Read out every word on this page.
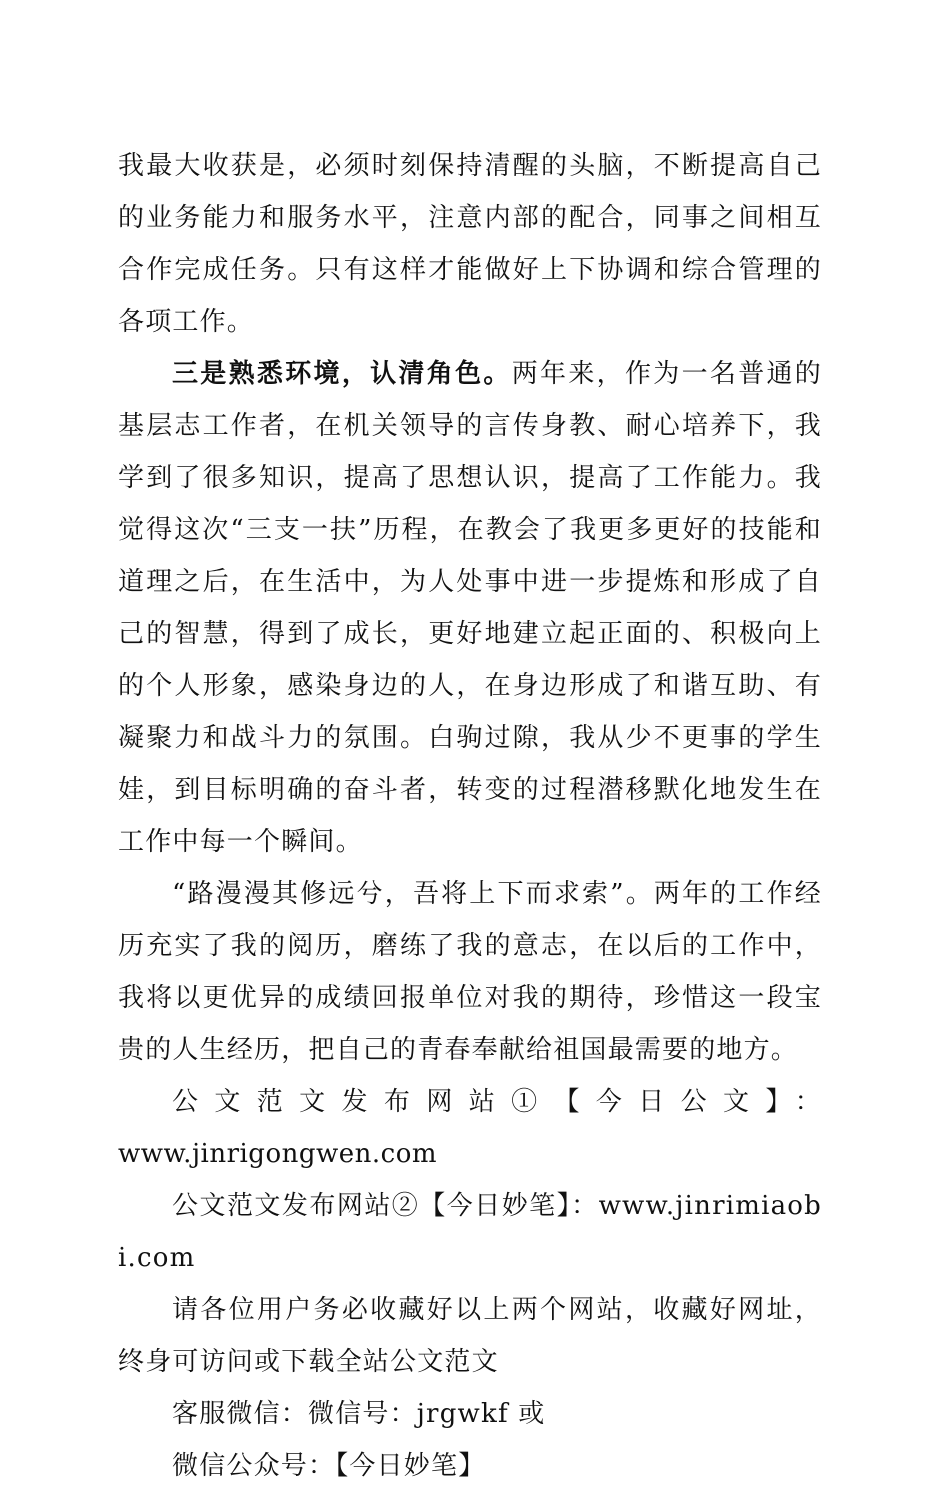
我最大收获是，必须时刻保持清醒的头脑，不断提高自己的业务能力和服务水平，注意内部的配合，同事之间相互合作完成任务。只有这样才能做好上下协调和综合管理的各项工作。

三是熟悉环境，认清角色。两年来，作为一名普通的基层志工作者，在机关领导的言传身教、耐心培养下，我学到了很多知识，提高了思想认识，提高了工作能力。我觉得这次“三支一扶”历程，在教会了我更多更好的技能和道理之后，在生活中，为人处事中进一步提炼和形成了自己的智慧，得到了成长，更好地建立起正面的、积极向上的个人形象，感染身边的人，在身边形成了和谐互助、有凝聚力和战斗力的氛围。白驹过隙，我从少不更事的学生娃，到目标明确的奋斗者，转变的过程潜移默化地发生在工作中每一个瞬间。

“路漫漫其修远兮，吾将上下而求索”。两年的工作经历充实了我的阅历，磨练了我的意志，在以后的工作中，我将以更优异的成绩回报单位对我的期待，珍惜这一段宝贵的人生经历，把自己的青春奉献给祖国最需要的地方。

公文范文发布网站①【今日公文】：

www.jinrigongwen.com

公文范文发布网站②【今日妙笔】：www.jinrimiaobi.com

请各位用户务必收藏好以上两个网站，收藏好网址，终身可访问或下载全站公文范文

客服微信：微信号：jrgwkf 或

微信公众号：【今日妙笔】
